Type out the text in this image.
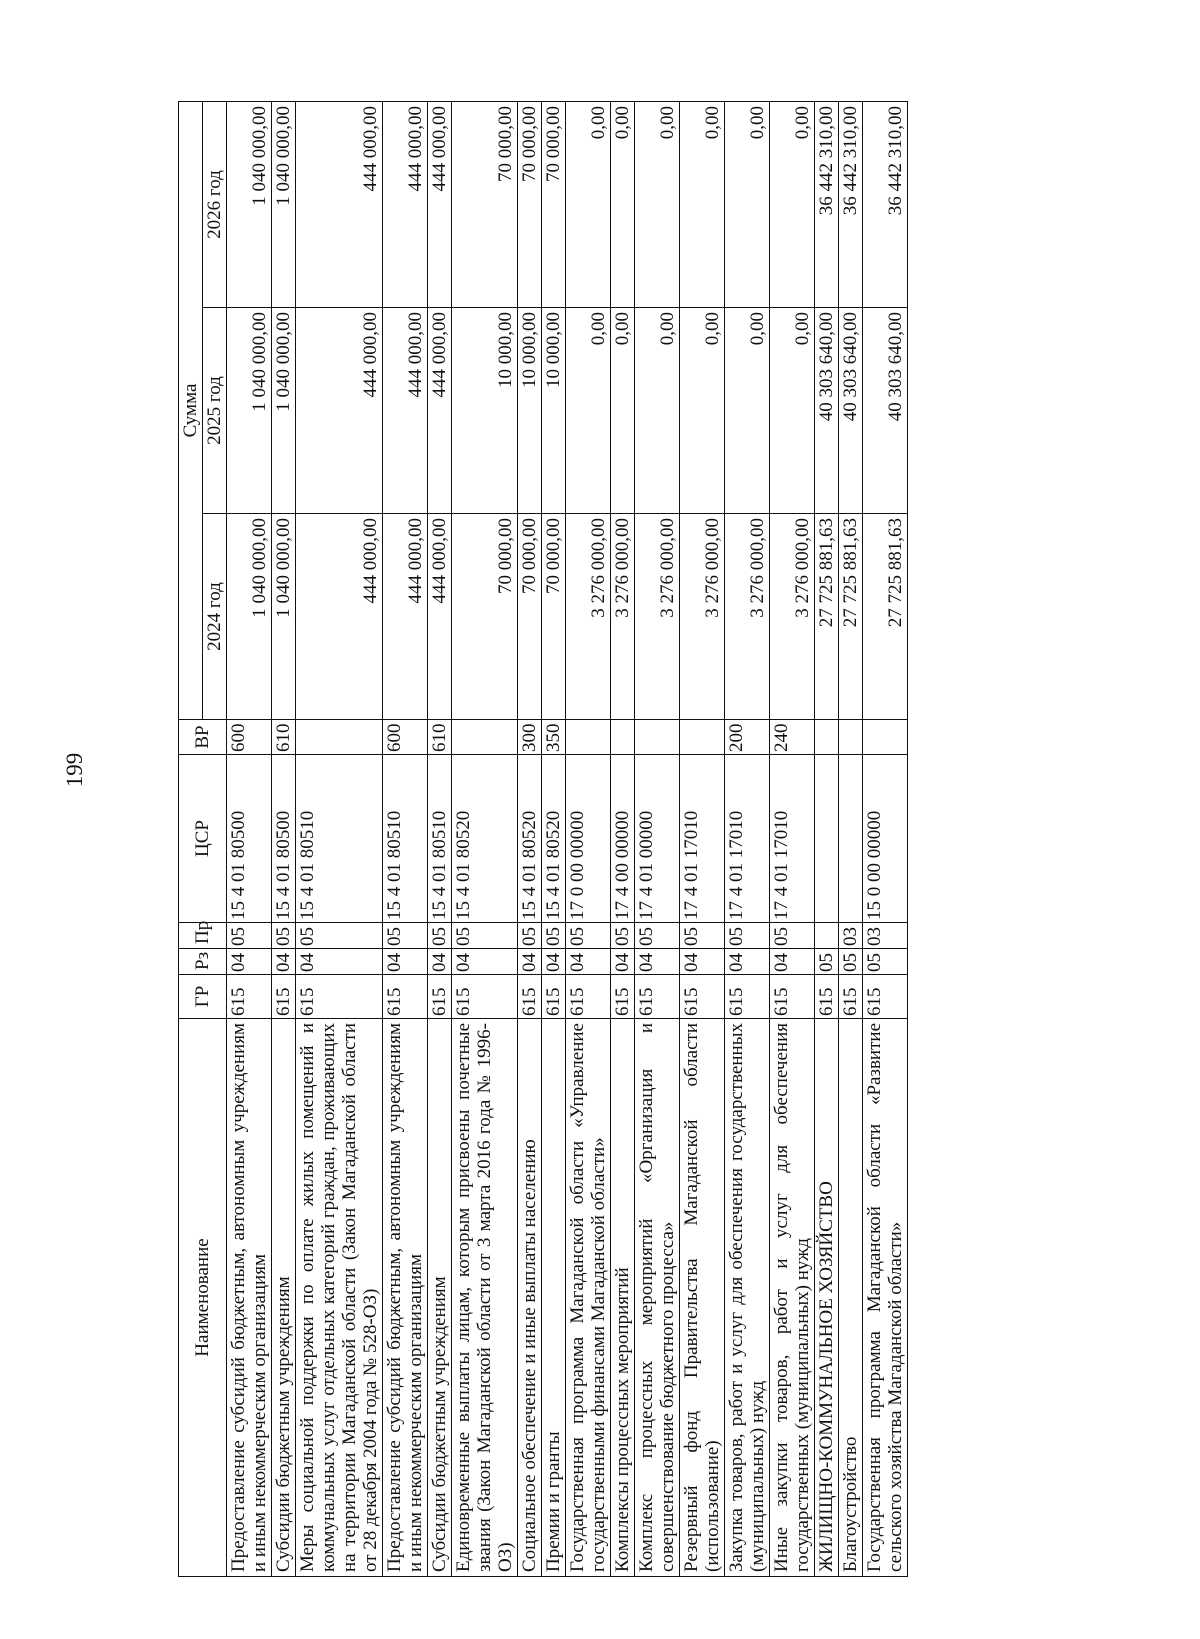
199
Наименование	ГР	Рз	Пр	ЦСР	ВР	Сумма		
						2024 год	2025 год	2026 год
Предоставление субсидий бюджетным, автономным учреждениям и иным некоммерческим организациям	615	04	05	15 4 01 80500	600	1 040 000,00	1 040 000,00	1 040 000,00
Субсидии бюджетным учреждениям	615	04	05	15 4 01 80500	610	1 040 000,00	1 040 000,00	1 040 000,00
Меры социальной поддержки по оплате жилых помещений и коммунальных услуг отдельных категорий граждан, проживающих на территории Магаданской области (Закон Магаданской области от 28 декабря 2004 года № 528-ОЗ)	615	04	05	15 4 01 80510		444 000,00	444 000,00	444 000,00
Предоставление субсидий бюджетным, автономным учреждениям и иным некоммерческим организациям	615	04	05	15 4 01 80510	600	444 000,00	444 000,00	444 000,00
Субсидии бюджетным учреждениям	615	04	05	15 4 01 80510	610	444 000,00	444 000,00	444 000,00
Единовременные выплаты лицам, которым присвоены почетные звания (Закон Магаданской области от 3 марта 2016 года № 1996-ОЗ)	615	04	05	15 4 01 80520		70 000,00	10 000,00	70 000,00
Социальное обеспечение и иные выплаты населению	615	04	05	15 4 01 80520	300	70 000,00	10 000,00	70 000,00
Премии и гранты	615	04	05	15 4 01 80520	350	70 000,00	10 000,00	70 000,00
Государственная программа Магаданской области «Управление государственными финансами Магаданской области»	615	04	05	17 0 00 00000		3 276 000,00	0,00	0,00
Комплексы процессных мероприятий	615	04	05	17 4 00 00000		3 276 000,00	0,00	0,00
Комплекс процессных мероприятий «Организация и совершенствование бюджетного процесса»	615	04	05	17 4 01 00000		3 276 000,00	0,00	0,00
Резервный фонд Правительства Магаданской области (использование)	615	04	05	17 4 01 17010		3 276 000,00	0,00	0,00
Закупка товаров, работ и услуг для обеспечения государственных (муниципальных) нужд	615	04	05	17 4 01 17010	200	3 276 000,00	0,00	0,00
Иные закупки товаров, работ и услуг для обеспечения государственных (муниципальных) нужд	615	04	05	17 4 01 17010	240	3 276 000,00	0,00	0,00
ЖИЛИЩНО-КОММУНАЛЬНОЕ ХОЗЯЙСТВО	615	05				27 725 881,63	40 303 640,00	36 442 310,00
Благоустройство	615	05	03			27 725 881,63	40 303 640,00	36 442 310,00
Государственная программа Магаданской области «Развитие сельского хозяйства Магаданской области»	615	05	03	15 0 00 00000		27 725 881,63	40 303 640,00	36 442 310,00
